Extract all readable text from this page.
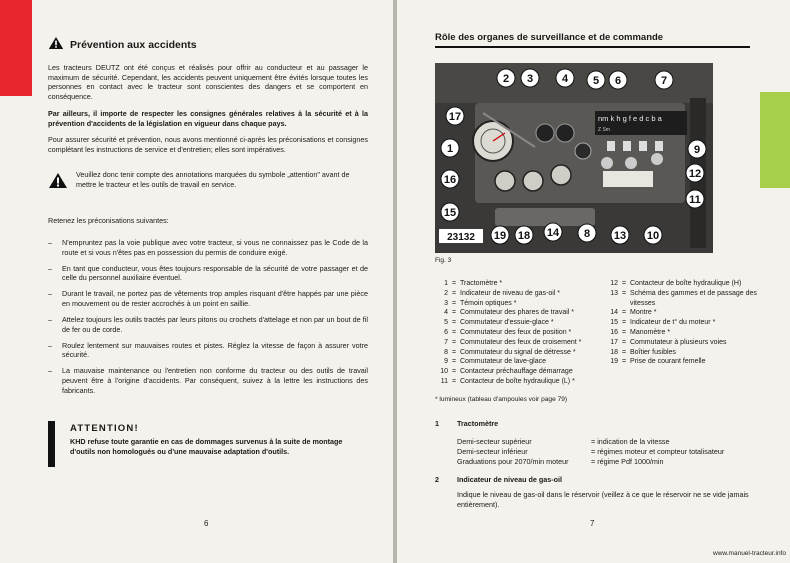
Prévention aux accidents

Les tracteurs DEUTZ ont été conçus et réalisés pour offrir au conducteur et au passager le maximum de sécurité. Cependant, les accidents peuvent uniquement être évités lorsque toutes les personnes en contact avec le tracteur sont conscientes des dangers et se comportent en conséquence.

Par ailleurs, il importe de respecter les consignes générales relatives à la sécurité et à la prévention d'accidents de la législation en vigueur dans chaque pays.

Pour assurer sécurité et prévention, nous avons mentionné ci-après les préconisations et consignes complétant les instructions de service et d'entretien; elles sont impératives.

Veuillez donc tenir compte des annotations marquées du symbole „attention" avant de mettre le tracteur et les outils de travail en service.

Retenez les préconisations suivantes:

– N'empruntez pas la voie publique avec votre tracteur, si vous ne connaissez pas le Code de la route et si vous n'êtes pas en possession du permis de conduire exigé.
– En tant que conducteur, vous êtes toujours responsable de la sécurité de votre passager et de celle du personnel auxiliaire éventuel.
– Durant le travail, ne portez pas de vêtements trop amples risquant d'être happés par une pièce en mouvement ou de rester accrochés à un point en saillie.
– Attelez toujours les outils tractés par leurs pitons ou crochets d'attelage et non par un bout de fil de fer ou de corde.
– Roulez lentement sur mauvaises routes et pistes. Réglez la vitesse de façon à assurer votre sécurité.
– La mauvaise maintenance ou l'entretien non conforme du tracteur ou des outils de travail peuvent être à l'origine d'accidents. Par conséquent, suivez à la lettre les instructions des fabricants.
ATTENTION!

KHD refuse toute garantie en cas de dommages survenus à la suite de montage d'outils non homologués ou d'une mauvaise adaptation d'outils.

6
Rôle des organes de surveillance et de commande
nm k h g f e d c b a
Z Sm
2 3	4 5 6	7
17
1	9
16	12
11
15
14
19 18	8 13 10
23132
Fig. 3
1 = Tractomètre *
2 = Indicateur de niveau de gas-oil *
3 = Témoin optiques *
4 = Commutateur des phares de travail *
5 = Commutateur d'essuie-glace *
6 = Commutateur des feux de position *
7 = Commutateur des feux de croisement *
8 = Commutateur du signal de détresse *
9 = Commutateur de lave-glace
10 = Contacteur préchauffage démarrage
11 = Contacteur de boîte hydraulique (L) *
12 = Contacteur de boîte hydraulique (H)
13 = Schéma des gammes et de passage des vitesses
14 = Montre *
15 = Indicateur de t° du moteur *
16 = Manomètre *
17 = Commutateur à plusieurs voies
18 = Boîtier fusibles
19 = Prise de courant femelle
* lumineux (tableau d'ampoules voir page 79)
1	Tractomètre
Demi-secteur supérieur	= indication de la vitesse
Demi-secteur inférieur	= régimes moteur et compteur totalisateur
Graduations pour 2070/min moteur	= régime Pdf 1000/min
2	Indicateur de niveau de gas-oil

Indique le niveau de gas-oil dans le réservoir (veillez à ce que le réservoir ne se vide jamais entièrement).

7
www.manuel-tracteur.info
